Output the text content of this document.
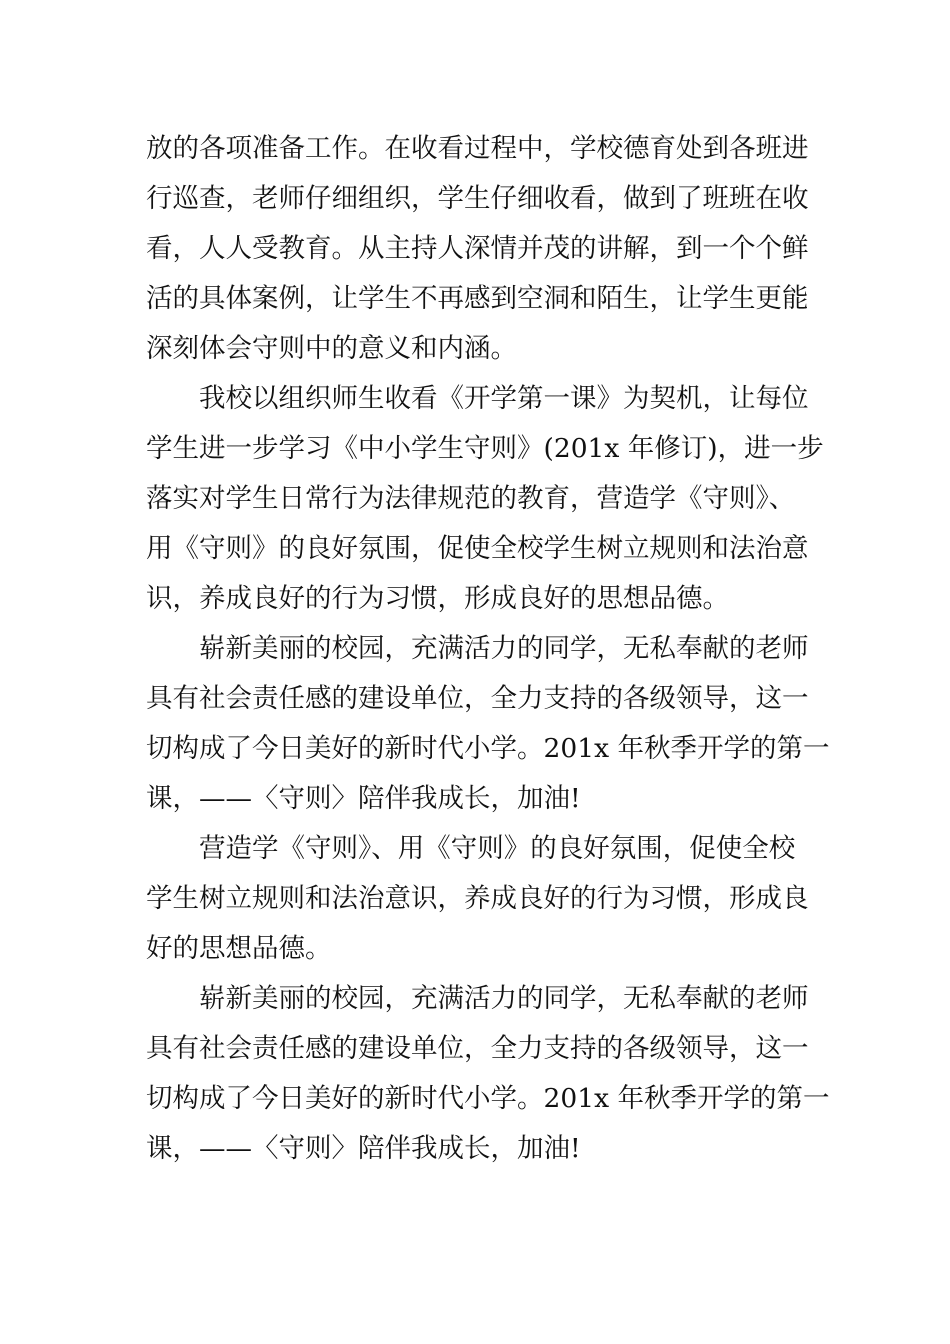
放的各项准备工作。在收看过程中，学校德育处到各班进
行巡查，老师仔细组织，学生仔细收看，做到了班班在收
看，人人受教育。从主持人深情并茂的讲解，到一个个鲜
活的具体案例，让学生不再感到空洞和陌生，让学生更能
深刻体会守则中的意义和内涵。
　　我校以组织师生收看《开学第一课》为契机，让每位
学生进一步学习《中小学生守则》(201x 年修订)，进一步
落实对学生日常行为法律规范的教育，营造学《守则》、
用《守则》的良好氛围，促使全校学生树立规则和法治意
识，养成良好的行为习惯，形成良好的思想品德。
　　崭新美丽的校园，充满活力的同学，无私奉献的老师
具有社会责任感的建设单位，全力支持的各级领导，这一
切构成了今日美好的新时代小学。201x 年秋季开学的第一
课，——〈守则〉陪伴我成长，加油!
　　营造学《守则》、用《守则》的良好氛围，促使全校
学生树立规则和法治意识，养成良好的行为习惯，形成良
好的思想品德。
　　崭新美丽的校园，充满活力的同学，无私奉献的老师
具有社会责任感的建设单位，全力支持的各级领导，这一
切构成了今日美好的新时代小学。201x 年秋季开学的第一
课，——〈守则〉陪伴我成长，加油!
